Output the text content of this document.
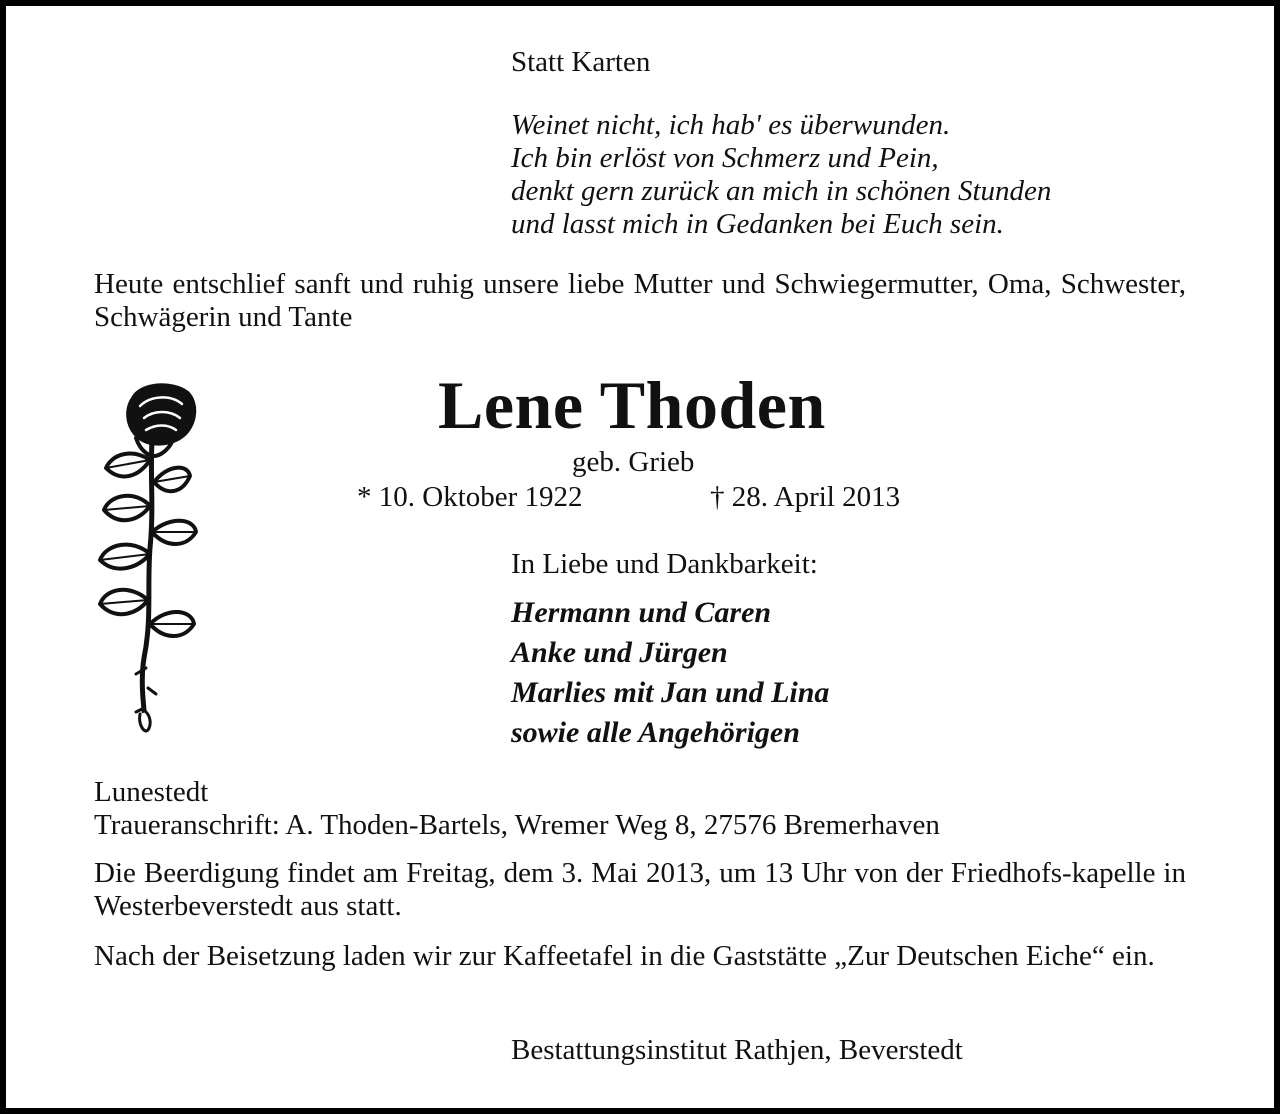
Statt Karten
Weinet nicht, ich hab' es überwunden.
Ich bin erlöst von Schmerz und Pein,
denkt gern zurück an mich in schönen Stunden
und lasst mich in Gedanken bei Euch sein.
Heute entschlief sanft und ruhig unsere liebe Mutter und Schwiegermutter, Oma, Schwester, Schwägerin und Tante
Lene Thoden
geb. Grieb
* 10. Oktober 1922	† 28. April 2013
In Liebe und Dankbarkeit:
Hermann und Caren
Anke und Jürgen
Marlies mit Jan und Lina
sowie alle Angehörigen
Lunestedt
Traueranschrift: A. Thoden-Bartels, Wremer Weg 8, 27576 Bremerhaven
Die Beerdigung findet am Freitag, dem 3. Mai 2013, um 13 Uhr von der Friedhofs-kapelle in Westerbeverstedt aus statt.
Nach der Beisetzung laden wir zur Kaffeetafel in die Gaststätte „Zur Deutschen Eiche“ ein.
Bestattungsinstitut Rathjen, Beverstedt
